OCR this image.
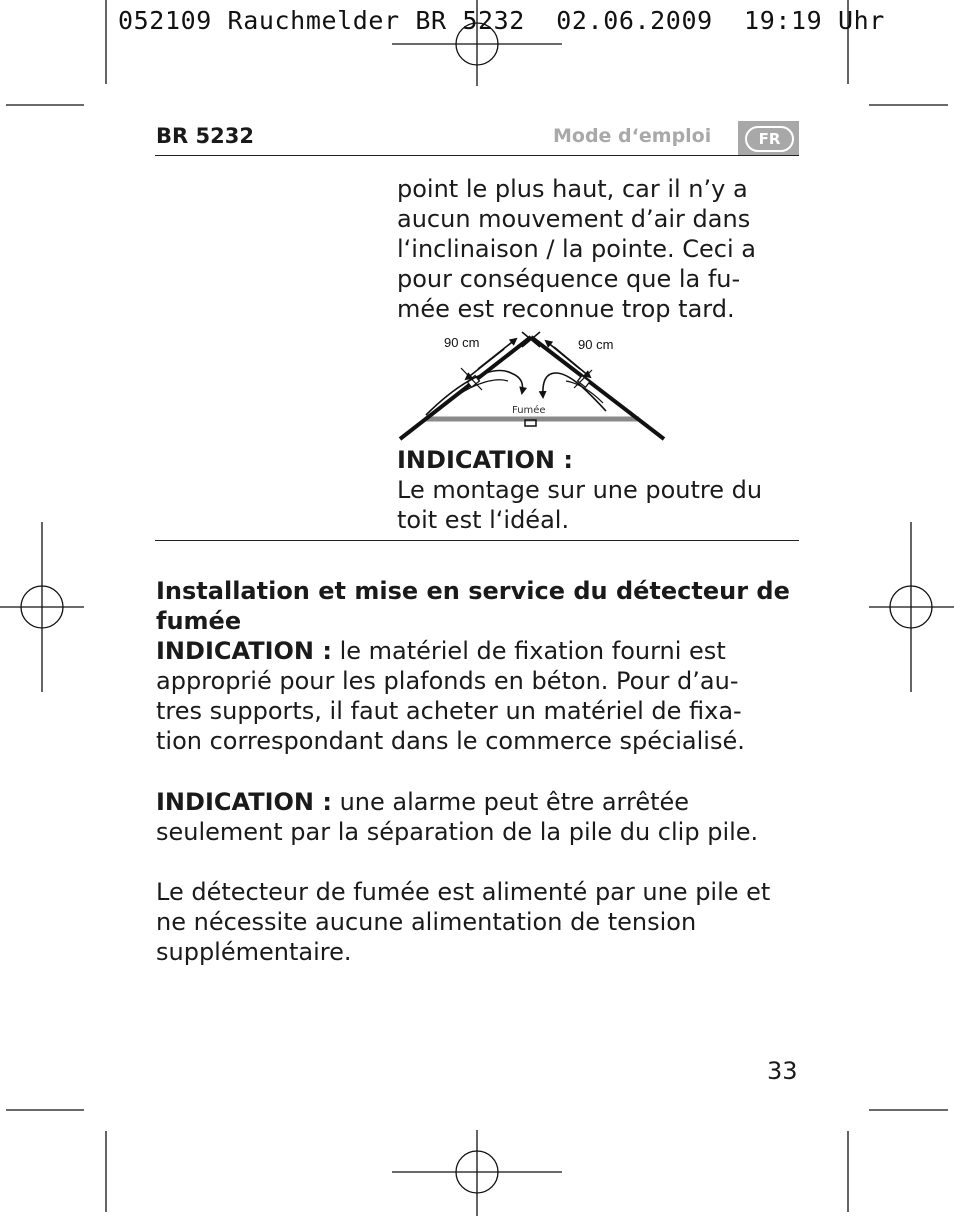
052109 Rauchmelder BR 5232  02.06.2009  19:19 Uhr
BR 5232	Mode d‘emploi	FR
point le plus haut, car il n’y a
aucun mouvement d’air dans
l‘inclinaison / la pointe. Ceci a
pour conséquence que la fu-
mée est reconnue trop tard.
90 cm	90 cm
Fumée
INDICATION :
Le montage sur une poutre du
toit est l‘idéal.
Installation et mise en service du détecteur de
fumée
INDICATION : le matériel de fixation fourni est
approprié pour les plafonds en béton. Pour d’au-
tres supports, il faut acheter un matériel de fixa-
tion correspondant dans le commerce spécialisé.
INDICATION : une alarme peut être arrêtée
seulement par la séparation de la pile du clip pile.
Le détecteur de fumée est alimenté par une pile et
ne nécessite aucune alimentation de tension
supplémentaire.
33
